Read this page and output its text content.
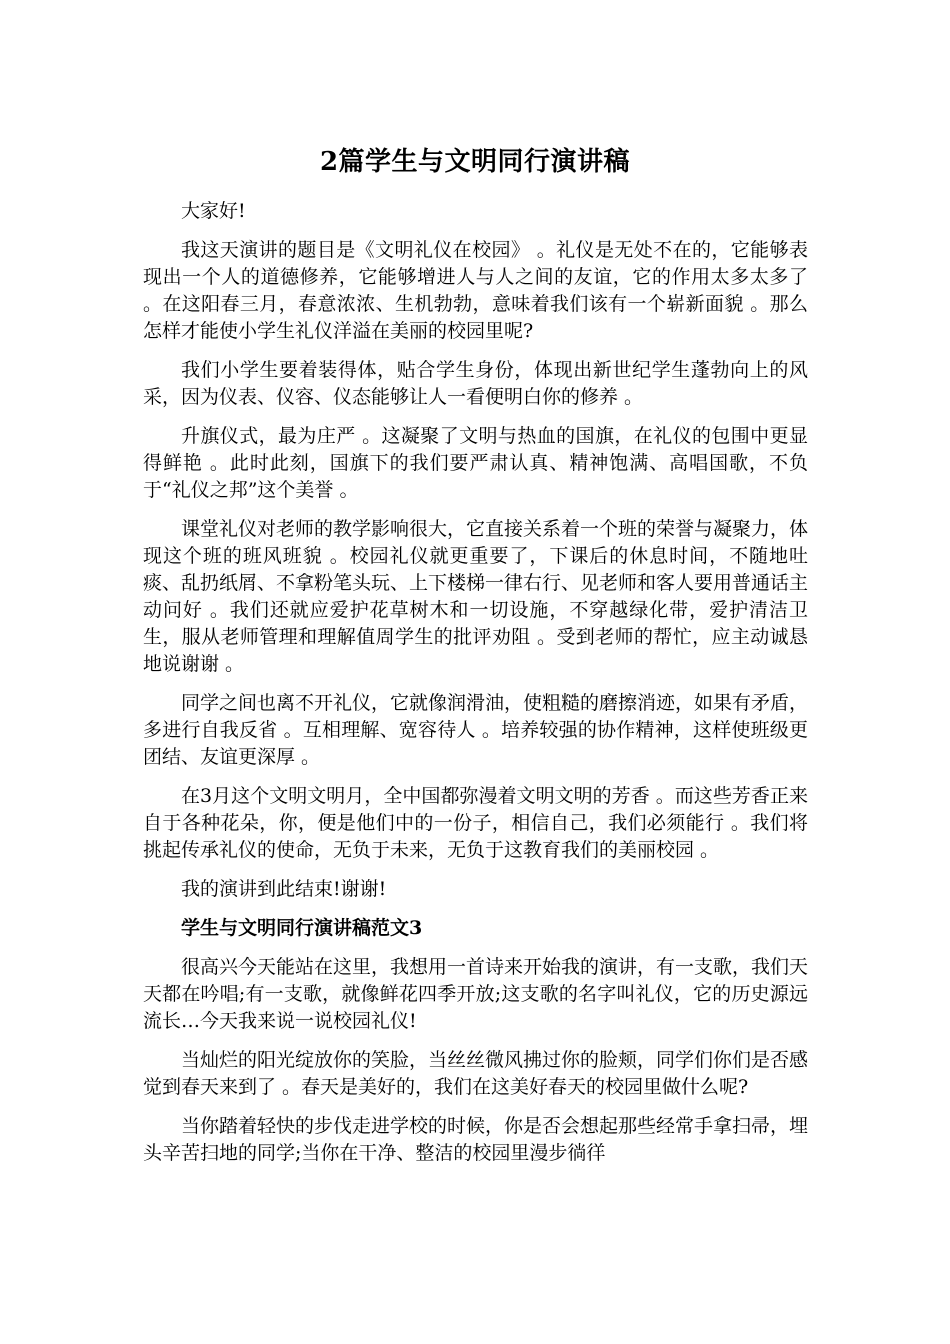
2篇学生与文明同行演讲稿

大家好!

我这天演讲的题目是《文明礼仪在校园》 。礼仪是无处不在的，它能够表现出一个人的道德修养，它能够增进人与人之间的友谊，它的作用太多太多了 。在这阳春三月，春意浓浓、生机勃勃，意味着我们该有一个崭新面貌 。那么怎样才能使小学生礼仪洋溢在美丽的校园里呢?

我们小学生要着装得体，贴合学生身份，体现出新世纪学生蓬勃向上的风采，因为仪表、仪容、仪态能够让人一看便明白你的修养 。

升旗仪式，最为庄严 。这凝聚了文明与热血的国旗，在礼仪的包围中更显得鲜艳 。此时此刻，国旗下的我们要严肃认真、精神饱满、高唱国歌，不负于“礼仪之邦”这个美誉 。

课堂礼仪对老师的教学影响很大，它直接关系着一个班的荣誉与凝聚力，体现这个班的班风班貌 。校园礼仪就更重要了，下课后的休息时间，不随地吐痰、乱扔纸屑、不拿粉笔头玩、上下楼梯一律右行、见老师和客人要用普通话主动问好 。我们还就应爱护花草树木和一切设施，不穿越绿化带，爱护清洁卫生，服从老师管理和理解值周学生的批评劝阻 。受到老师的帮忙，应主动诚恳地说谢谢 。

同学之间也离不开礼仪，它就像润滑油，使粗糙的磨擦消迹，如果有矛盾，多进行自我反省 。互相理解、宽容待人 。培养较强的协作精神，这样使班级更团结、友谊更深厚 。

在3月这个文明文明月，全中国都弥漫着文明文明的芳香 。而这些芳香正来自于各种花朵，你，便是他们中的一份子，相信自己，我们必须能行 。我们将挑起传承礼仪的使命，无负于未来，无负于这教育我们的美丽校园 。

我的演讲到此结束!谢谢!

学生与文明同行演讲稿范文3

很高兴今天能站在这里，我想用一首诗来开始我的演讲，有一支歌，我们天天都在吟唱;有一支歌，就像鲜花四季开放;这支歌的名字叫礼仪，它的历史源远流长…今天我来说一说校园礼仪!

当灿烂的阳光绽放你的笑脸，当丝丝微风拂过你的脸颊，同学们你们是否感觉到春天来到了 。春天是美好的，我们在这美好春天的校园里做什么呢?

当你踏着轻快的步伐走进学校的时候，你是否会想起那些经常手拿扫帚，埋头辛苦扫地的同学;当你在干净、整洁的校园里漫步徜徉
